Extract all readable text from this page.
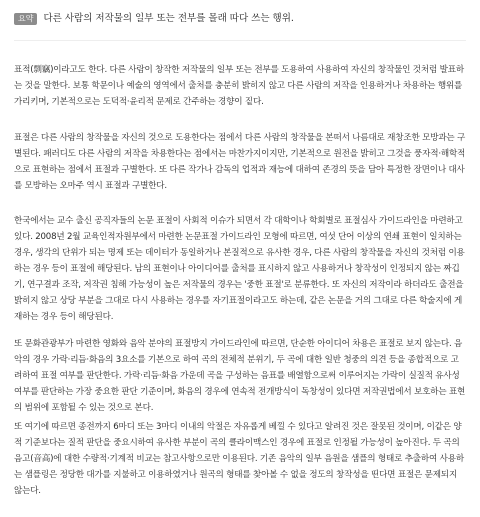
요약	다른 사람의 저작물의 일부 또는 전부를 몰래 따다 쓰는 행위.

표적(剽竊)이라고도 한다. 다른 사람이 창작한 저작물의 일부 또는 전부를 도용하여 사용하여 자신의 창작물인 것처럼 발표하는 것을 말한다. 보통 학문이나 예술의 영역에서 출처를 충분히 밝히지 않고 다른 사람의 저작을 인용하거나 차용하는 행위를 가리키며, 기본적으로는 도덕적·윤리적 문제로 간주하는 경향이 짙다.

표절은 다른 사람의 창작물을 자신의 것으로 도용한다는 점에서 다른 사람의 창작물을 본떠서 나름대로 재창조한 모방과는 구별된다. 패러디도 다른 사람의 저작을 차용한다는 점에서는 마찬가지이지만, 기본적으로 원전을 밝히고 그것을 풍자적·해학적으로 표현하는 점에서 표절과 구별한다. 또 다른 작가나 감독의 업적과 재능에 대하여 존경의 뜻을 담아 특정한 장면이나 대사를 모방하는 오마주 역시 표절과 구별한다.

한국에서는 교수 출신 공직자들의 논문 표절이 사회적 이슈가 되면서 각 대학이나 학회별로 표절심사 가이드라인을 마련하고 있다. 2008년 2월 교육인적자원부에서 마련한 논문표절 가이드라인 모형에 따르면, 여섯 단어 이상의 연쇄 표현이 일치하는 경우, 생각의 단위가 되는 명제 또는 데이터가 동일하거나 본질적으로 유사한 경우, 다른 사람의 창작물을 자신의 것처럼 이용하는 경우 등이 표절에 해당된다. 남의 표현이나 아이디어를 출처를 표시하지 않고 사용하거나 창작성이 인정되지 않는 짜깁기, 연구결과 조작, 저작권 침해 가능성이 높은 저작물의 경우는 '중한 표절'로 분류한다. 또 자신의 저작이라 하더라도 출전을 밝히지 않고 상당 부분을 그대로 다시 사용하는 경우를 자기표절이라고도 하는데, 같은 논문을 거의 그대로 다른 학술지에 게재하는 경우 등이 해당된다.

또 문화관광부가 마련한 영화와 음악 분야의 표절방지 가이드라인에 따르면, 단순한 아이디어 차용은 표절로 보지 않는다. 음악의 경우 가락·리듬·화음의 3요소를 기본으로 하여 곡의 전체적 분위기, 두 곡에 대한 일반 청중의 의견 등을 종합적으로 고려하여 표절 여부를 판단한다. 가락·리듬·화음 가운데 곡을 구성하는 음표를 배열함으로써 이루어지는 가락이 실질적 유사성 여부를 판단하는 가장 중요한 판단 기준이며, 화음의 경우에 연속적 전개방식이 독창성이 있다면 저작권법에서 보호하는 표현의 범위에 포함될 수 있는 것으로 본다.

또 여기에 따르면 종전까지 6마디 또는 3마디 이내의 악절은 자유롭게 베낄 수 있다고 알려진 것은 잘못된 것이며, 이같은 양적 기준보다는 질적 판단을 중요시하여 유사한 부분이 곡의 클라이맥스인 경우에 표절로 인정될 가능성이 높아진다. 두 곡의 음고(音高)에 대한 수량적·기계적 비교는 참고사항으로만 이용된다. 기존 음악의 일부 음원을 샘플의 형태로 추출하여 사용하는 샘플링은 정당한 대가를 지불하고 이용하였거나 원곡의 형태를 찾아볼 수 없을 정도의 창작성을 띤다면 표절은 문제되지 않는다.
